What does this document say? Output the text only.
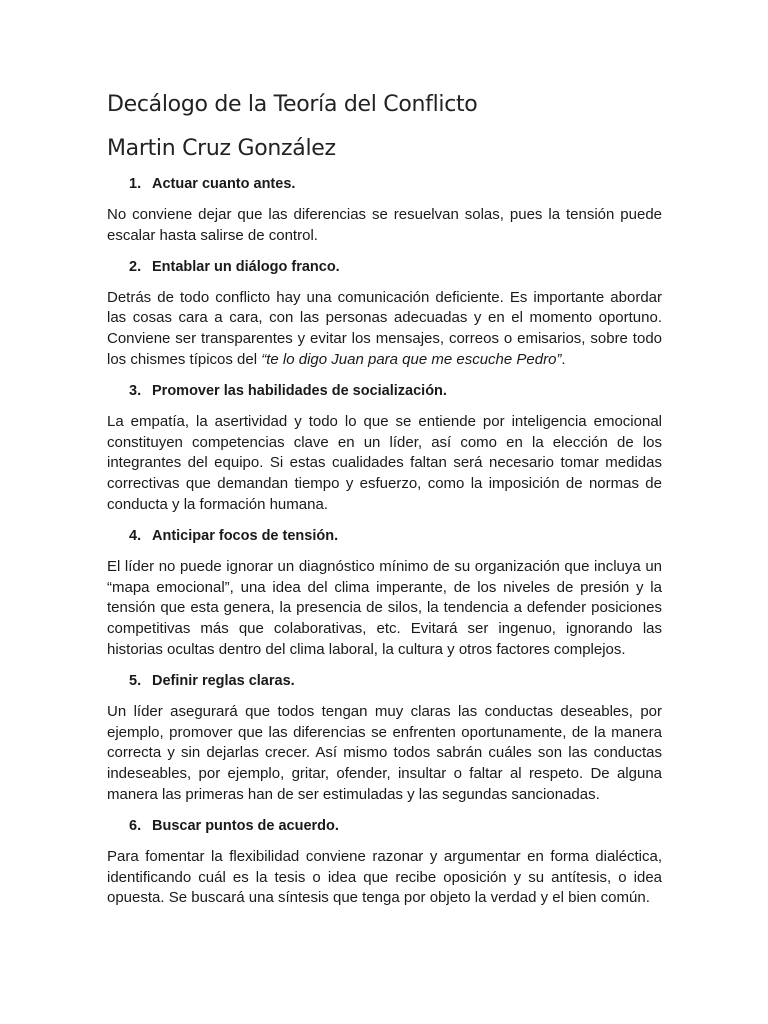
Decálogo de la Teoría del Conflicto
Martin Cruz González
1. Actuar cuanto antes.

No conviene dejar que las diferencias se resuelvan solas, pues la tensión puede escalar hasta salirse de control.

2. Entablar un diálogo franco.

Detrás de todo conflicto hay una comunicación deficiente. Es importante abordar las cosas cara a cara, con las personas adecuadas y en el momento oportuno. Conviene ser transparentes y evitar los mensajes, correos o emisarios, sobre todo los chismes típicos del “te lo digo Juan para que me escuche Pedro”.

3. Promover las habilidades de socialización.

La empatía, la asertividad y todo lo que se entiende por inteligencia emocional constituyen competencias clave en un líder, así como en la elección de los integrantes del equipo. Si estas cualidades faltan será necesario tomar medidas correctivas que demandan tiempo y esfuerzo, como la imposición de normas de conducta y la formación humana.

4. Anticipar focos de tensión.

El líder no puede ignorar un diagnóstico mínimo de su organización que incluya un “mapa emocional”, una idea del clima imperante, de los niveles de presión y la tensión que esta genera, la presencia de silos, la tendencia a defender posiciones competitivas más que colaborativas, etc. Evitará ser ingenuo, ignorando las historias ocultas dentro del clima laboral, la cultura y otros factores complejos.

5. Definir reglas claras.

Un líder asegurará que todos tengan muy claras las conductas deseables, por ejemplo, promover que las diferencias se enfrenten oportunamente, de la manera correcta y sin dejarlas crecer. Así mismo todos sabrán cuáles son las conductas indeseables, por ejemplo, gritar, ofender, insultar o faltar al respeto. De alguna manera las primeras han de ser estimuladas y las segundas sancionadas.

6. Buscar puntos de acuerdo.

Para fomentar la flexibilidad conviene razonar y argumentar en forma dialéctica, identificando cuál es la tesis o idea que recibe oposición y su antítesis, o idea opuesta. Se buscará una síntesis que tenga por objeto la verdad y el bien común.
